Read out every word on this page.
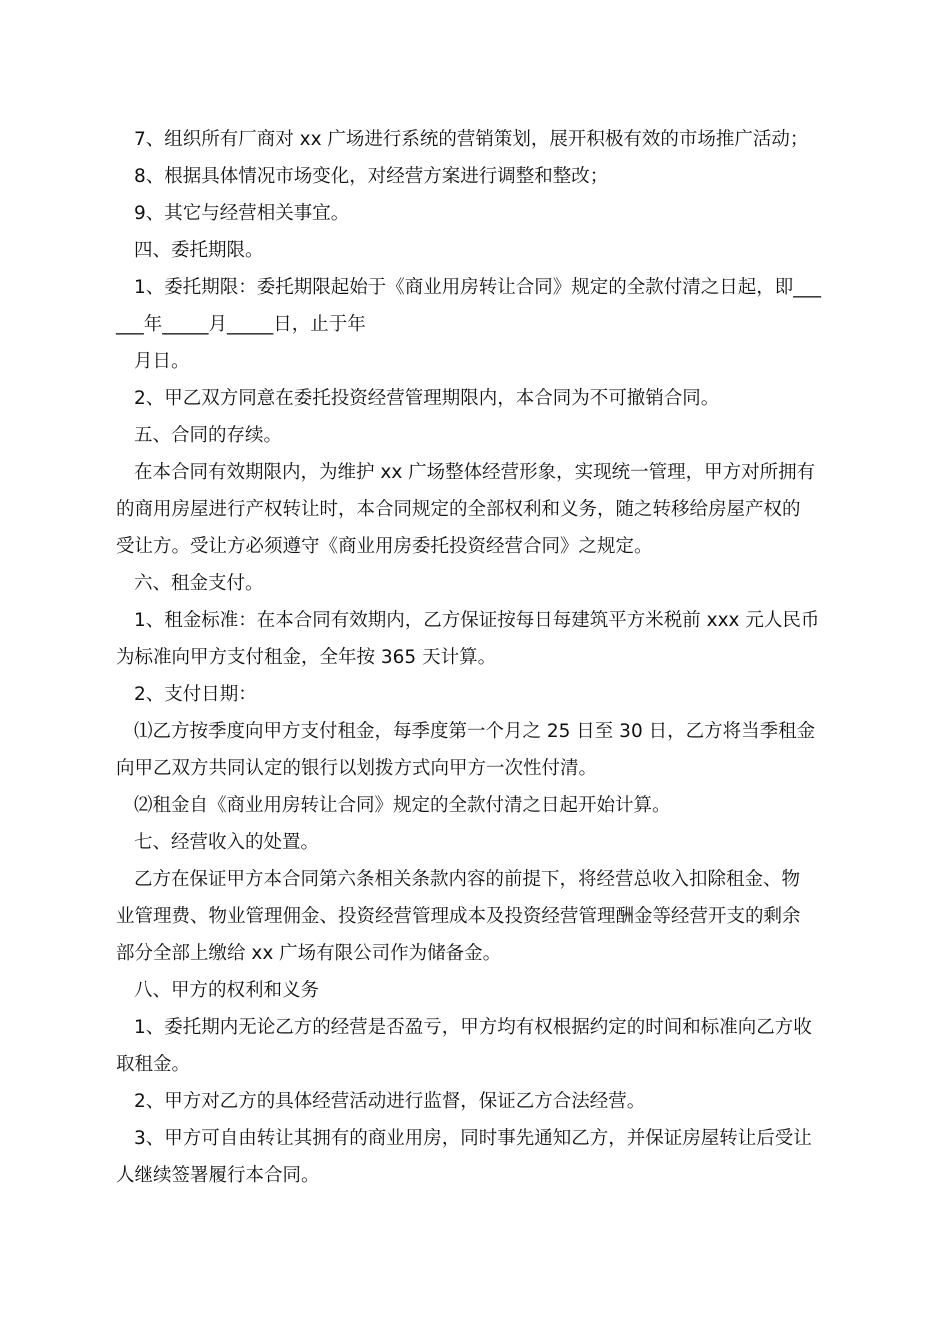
7、组织所有厂商对 xx 广场进行系统的营销策划，展开积极有效的市场推广活动；
8、根据具体情况市场变化，对经营方案进行调整和整改；
9、其它与经营相关事宜。
四、委托期限。
1、委托期限：委托期限起始于《商业用房转让合同》规定的全款付清之日起，即___
___年_____月_____日，止于年
月日。
2、甲乙双方同意在委托投资经营管理期限内，本合同为不可撤销合同。
五、合同的存续。
在本合同有效期限内，为维护 xx 广场整体经营形象，实现统一管理，甲方对所拥有
的商用房屋进行产权转让时，本合同规定的全部权利和义务，随之转移给房屋产权的
受让方。受让方必须遵守《商业用房委托投资经营合同》之规定。
六、租金支付。
1、租金标准：在本合同有效期内，乙方保证按每日每建筑平方米税前 xxx 元人民币
为标准向甲方支付租金，全年按 365 天计算。
2、支付日期：
⑴乙方按季度向甲方支付租金，每季度第一个月之 25 日至 30 日，乙方将当季租金
向甲乙双方共同认定的银行以划拨方式向甲方一次性付清。
⑵租金自《商业用房转让合同》规定的全款付清之日起开始计算。
七、经营收入的处置。
乙方在保证甲方本合同第六条相关条款内容的前提下，将经营总收入扣除租金、物
业管理费、物业管理佣金、投资经营管理成本及投资经营管理酬金等经营开支的剩余
部分全部上缴给 xx 广场有限公司作为储备金。
八、甲方的权利和义务
1、委托期内无论乙方的经营是否盈亏，甲方均有权根据约定的时间和标准向乙方收
取租金。
2、甲方对乙方的具体经营活动进行监督，保证乙方合法经营。
3、甲方可自由转让其拥有的商业用房，同时事先通知乙方，并保证房屋转让后受让
人继续签署履行本合同。
